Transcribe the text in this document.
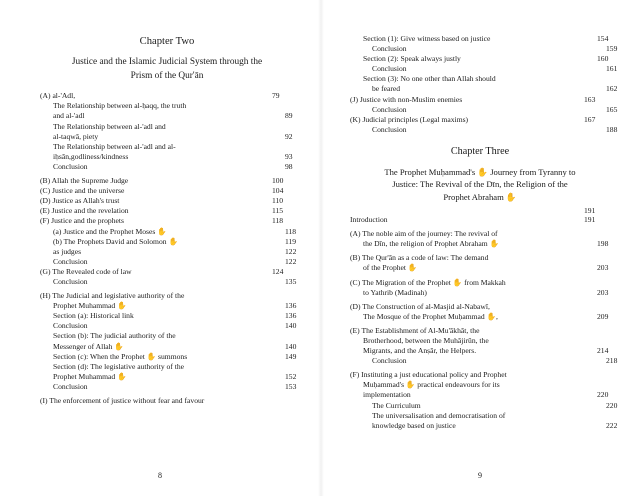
Chapter Two
Justice and the Islamic Judicial System through the
Prism of the Qur'ān
(A) al-'Adl,	79
The Relationship between al-ḥaqq, the truth
and al-'adl	89
The Relationship between al-'adl and
al-taqwā, piety	92
The Relationship between al-'adl and al-
iḥsān,godliness/kindness	93
Conclusion	98
(B) Allah the Supreme Judge	100
(C) Justice and the universe	104
(D) Justice as Allah's trust	110
(E) Justice and the revelation	115
(F) Justice and the prophets	118
(a) Justice and the Prophet Moses ✋	118
(b) The Prophets David and Solomon ✋	119
as judges	122
Conclusion	122
(G) The Revealed code of law	124
Conclusion	135
(H) The Judicial and legislative authority of the
Prophet Muhammad ✋	136
Section (a): Historical link	136
Conclusion	140
Section (b): The judicial authority of the
Messenger of Allah ✋	140
Section (c): When the Prophet ✋ summons	149
Section (d): The legislative authority of the
Prophet Muhammad ✋	152
Conclusion	153
(I) The enforcement of justice without fear and favour
8
Section (1): Give witness based on justice	154
Conclusion	159
Section (2): Speak always justly	160
Conclusion	161
Section (3): No one other than Allah should
be feared	162
(J) Justice with non-Muslim enemies	163
Conclusion	165
(K) Judicial principles (Legal maxims)	167
Conclusion	188
Chapter Three
The Prophet Muḥammad's ✋ Journey from Tyranny to
Justice: The Revival of the Dīn, the Religion of the
Prophet Abraham ✋
191
Introduction	191
(A) The noble aim of the journey: The revival of
the Dīn, the religion of Prophet Abraham ✋	198
(B) The Qur'ān as a code of law: The demand
of the Prophet ✋	203
(C) The Migration of the Prophet ✋ from Makkah
to Yathrib (Madinah)	203
(D) The Construction of al-Masjid al-Nabawī,
The Mosque of the Prophet Muḥammad ✋,	209
(E) The Establishment of Al-Mu'ākhāt, the
Brotherhood, between the Muhājirūn, the
Migrants, and the Anṣār, the Helpers.	214
Conclusion	218
(F) Instituting a just educational policy and Prophet
Muḥammad's ✋ practical endeavours for its
implementation	220
The Curriculum	220
The universalisation and democratisation of
knowledge based on justice	222
9
